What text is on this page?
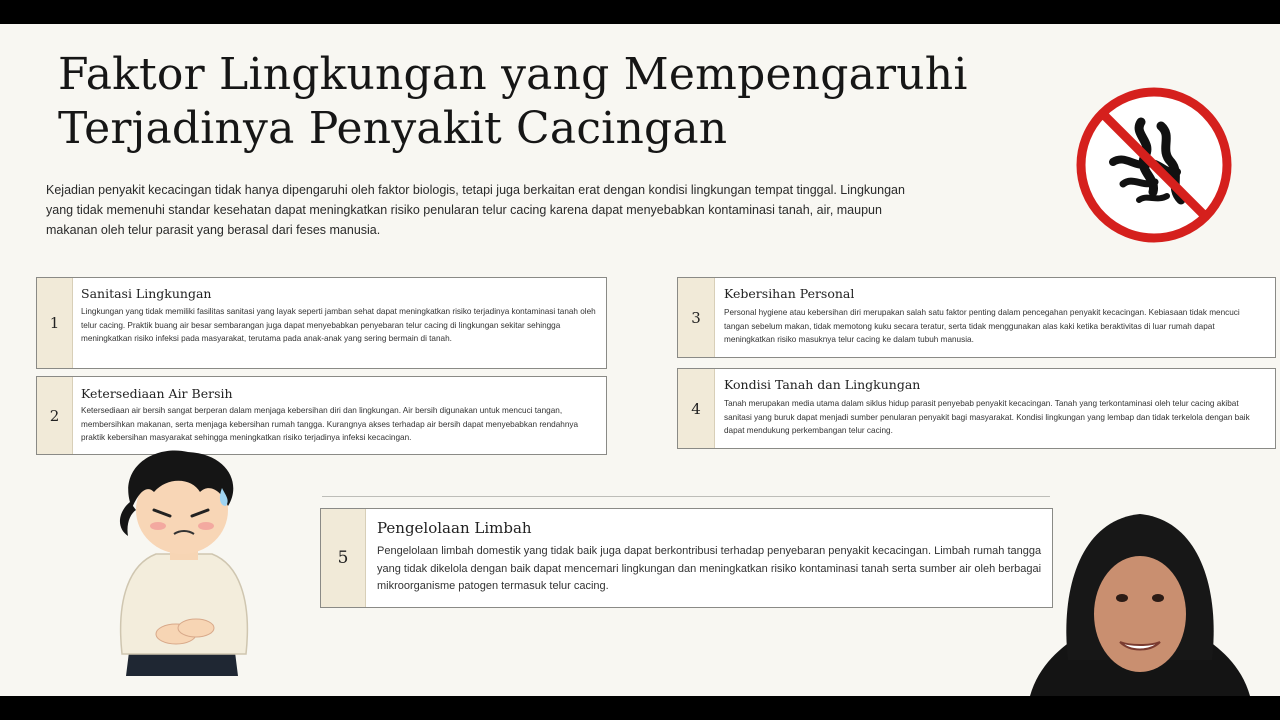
Faktor Lingkungan yang Mempengaruhi
Terjadinya Penyakit Cacingan

Kejadian penyakit kecacingan tidak hanya dipengaruhi oleh faktor biologis, tetapi juga berkaitan erat dengan kondisi lingkungan tempat tinggal. Lingkungan yang tidak memenuhi standar kesehatan dapat meningkatkan risiko penularan telur cacing karena dapat menyebabkan kontaminasi tanah, air, maupun makanan oleh telur parasit yang berasal dari feses manusia.

1
Sanitasi Lingkungan

Lingkungan yang tidak memiliki fasilitas sanitasi yang layak seperti jamban sehat dapat meningkatkan risiko terjadinya kontaminasi tanah oleh telur cacing. Praktik buang air besar sembarangan juga dapat menyebabkan penyebaran telur cacing di lingkungan sekitar sehingga meningkatkan risiko infeksi pada masyarakat, terutama pada anak-anak yang sering bermain di tanah.

2
Ketersediaan Air Bersih

Ketersediaan air bersih sangat berperan dalam menjaga kebersihan diri dan lingkungan. Air bersih digunakan untuk mencuci tangan, membersihkan makanan, serta menjaga kebersihan rumah tangga. Kurangnya akses terhadap air bersih dapat menyebabkan rendahnya praktik kebersihan masyarakat sehingga meningkatkan risiko terjadinya infeksi kecacingan.

3
Kebersihan Personal

Personal hygiene atau kebersihan diri merupakan salah satu faktor penting dalam pencegahan penyakit kecacingan. Kebiasaan tidak mencuci tangan sebelum makan, tidak memotong kuku secara teratur, serta tidak menggunakan alas kaki ketika beraktivitas di luar rumah dapat meningkatkan risiko masuknya telur cacing ke dalam tubuh manusia.

4
Kondisi Tanah dan Lingkungan

Tanah merupakan media utama dalam siklus hidup parasit penyebab penyakit kecacingan. Tanah yang terkontaminasi oleh telur cacing akibat sanitasi yang buruk dapat menjadi sumber penularan penyakit bagi masyarakat. Kondisi lingkungan yang lembap dan tidak terkelola dengan baik dapat mendukung perkembangan telur cacing.

5
Pengelolaan Limbah

Pengelolaan limbah domestik yang tidak baik juga dapat berkontribusi terhadap penyebaran penyakit kecacingan. Limbah rumah tangga yang tidak dikelola dengan baik dapat mencemari lingkungan dan meningkatkan risiko kontaminasi tanah serta sumber air oleh berbagai mikroorganisme patogen termasuk telur cacing.
